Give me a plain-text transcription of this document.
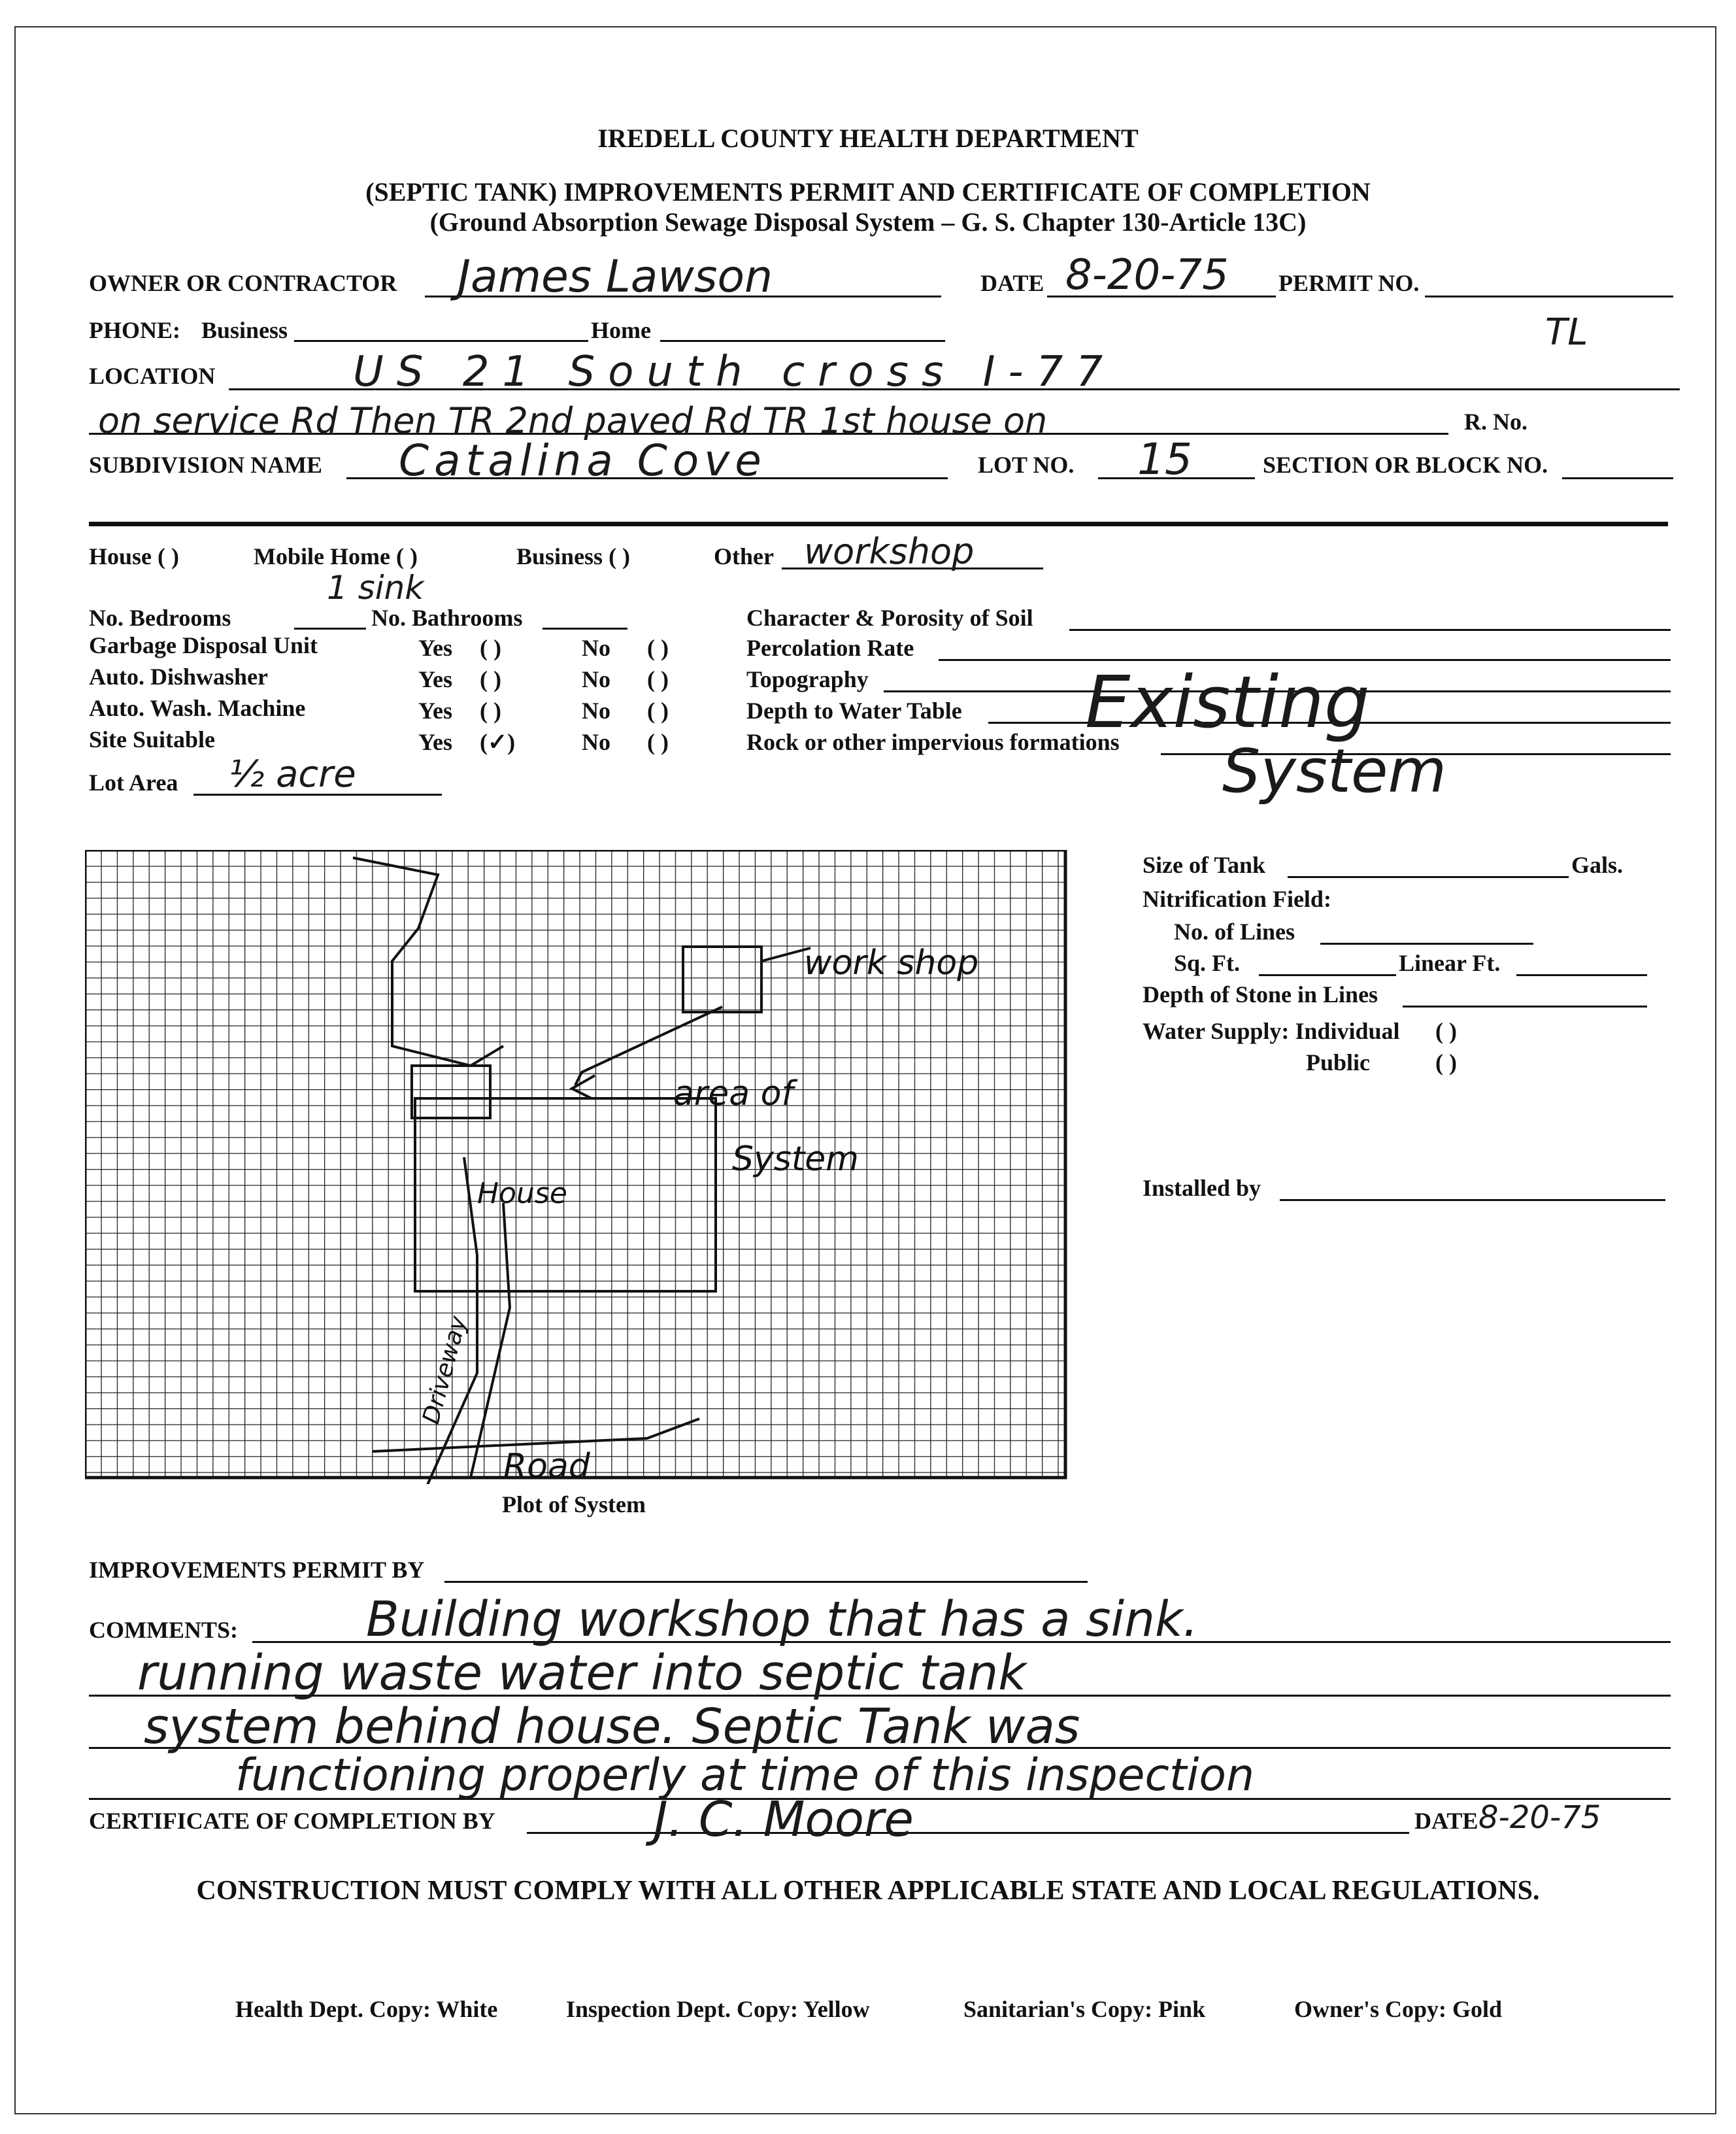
IREDELL COUNTY HEALTH DEPARTMENT
(SEPTIC TANK) IMPROVEMENTS PERMIT AND CERTIFICATE OF COMPLETION
(Ground Absorption Sewage Disposal System – G. S. Chapter 130-Article 13C)
OWNER OR CONTRACTOR James Lawson	DATE 8-20-75 PERMIT NO.
PHONE: Business	Home	TL
LOCATION	US 21 South cross I-77
on service Rd Then TR 2nd paved Rd TR 1st house on	R. No.
SUBDIVISION NAME Catalina Cove	LOT NO. 15	SECTION OR BLOCK NO.
House ( )	Mobile Home ( )	Business ( )	Other workshop
1 sink
No. Bedrooms	No. Bathrooms
Garbage Disposal Unit	Yes ( )	No ( )
Auto. Dishwasher	Yes ( )	No ( )
Auto. Wash. Machine	Yes ( )	No ( )
Site Suitable	Yes (✓)	No ( )
Lot Area ½ acre
Character & Porosity of Soil
Percolation Rate
Topography
Depth to Water Table
Rock or other impervious formations
Existing
System
work shop
area of
System
House
Driveway
Road
Plot of System
Size of Tank	Gals.
Nitrification Field:
No. of Lines
Sq. Ft.	Linear Ft.
Depth of Stone in Lines
Water Supply: Individual ( )
Public	( )
Installed by
IMPROVEMENTS PERMIT BY
COMMENTS:	Building workshop that has a sink.
running waste water into septic tank
system behind house. Septic Tank was
functioning properly at time of this inspection
CERTIFICATE OF COMPLETION BY	J. C. Moore	DATE 8-20-75
CONSTRUCTION MUST COMPLY WITH ALL OTHER APPLICABLE STATE AND LOCAL REGULATIONS.
Health Dept. Copy: White	Inspection Dept. Copy: Yellow	Sanitarian's Copy: Pink	Owner's Copy: Gold
